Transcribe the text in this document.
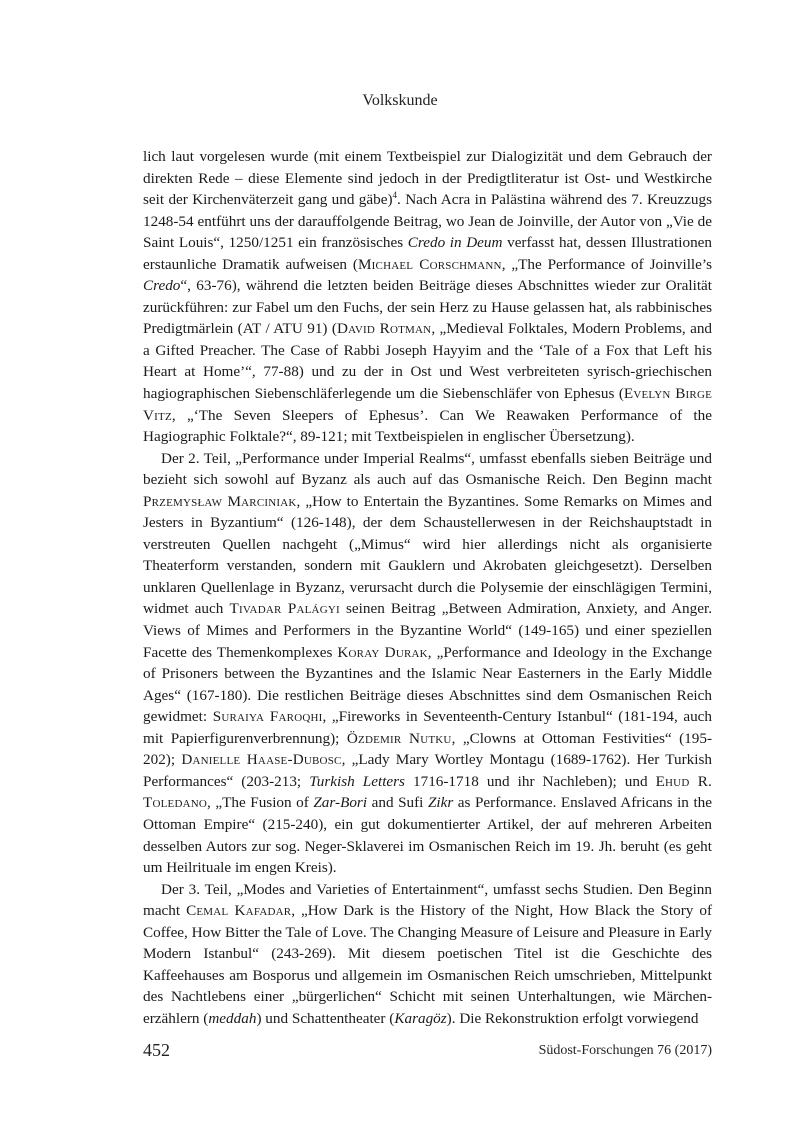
Volkskunde

lich laut vorgelesen wurde (mit einem Textbeispiel zur Dialogizität und dem Gebrauch der direkten Rede – diese Elemente sind jedoch in der Predigtliteratur ist Ost- und Westkirche seit der Kirchenväterzeit gang und gäbe)$^4$. Nach Acra in Palästina während des 7. Kreuzzugs 1248-54 entführt uns der darauffolgende Beitrag, wo Jean de Joinville, der Autor von „Vie de Saint Louis“, 1250/1251 ein französisches Credo in Deum verfasst hat, dessen Illustrationen erstaunliche Dramatik aufweisen (Michael Corschmann, „The Performance of Joinville’s Credo“, 63-76), während die letzten beiden Beiträge dieses Abschnittes wieder zur Oralität zurückführen: zur Fabel um den Fuchs, der sein Herz zu Hause gelassen hat, als rabbinisches Predigtmärlein (AT / ATU 91) (David Rotman, „Medieval Folktales, Modern Problems, and a Gifted Preacher. The Case of Rabbi Joseph Hayyim and the ‘Tale of a Fox that Left his Heart at Home’“, 77-88) und zu der in Ost und West verbreiteten syrisch-griechischen hagiographischen Siebenschläferlegende um die Siebenschläfer von Ephesus (Evelyn Birge Vitz, „‘The Seven Sleepers of Ephesus’. Can We Reawaken Performance of the Hagiographic Folktale?“, 89-121; mit Textbeispielen in englischer Übersetzung).

Der 2. Teil, „Performance under Imperial Realms“, umfasst ebenfalls sieben Beiträge und bezieht sich sowohl auf Byzanz als auch auf das Osmanische Reich. Den Beginn macht Przemysław Marciniak, „How to Entertain the Byzantines. Some Remarks on Mimes and Jesters in Byzantium“ (126-148), der dem Schaustellerwesen in der Reichshauptstadt in verstreuten Quellen nachgeht („Mimus“ wird hier allerdings nicht als organisierte Theaterform verstanden, sondern mit Gauklern und Akrobaten gleichgesetzt). Derselben unklaren Quellenlage in Byzanz, verursacht durch die Polysemie der einschlägigen Termini, widmet auch Tivadar Palágyi seinen Beitrag „Between Admiration, Anxiety, and Anger. Views of Mimes and Performers in the Byzantine World“ (149-165) und einer speziellen Facette des Themenkomplexes Koray Durak, „Performance and Ideology in the Exchange of Prisoners between the Byzantines and the Islamic Near Easterners in the Early Middle Ages“ (167-180). Die restlichen Beiträge dieses Abschnittes sind dem Osmanischen Reich gewidmet: Suraiya Faroqhi, „Fireworks in Seventeenth-Century Istanbul“ (181-194, auch mit Papierfigurenverbrennung); Özdemir Nutku, „Clowns at Ottoman Festivities“ (195-202); Danielle Haase-Dubosc, „Lady Mary Wortley Montagu (1689-1762). Her Turkish Performances“ (203-213; Turkish Letters 1716-1718 und ihr Nachleben); und Ehud R. Toledano, „The Fusion of Zar-Bori and Sufi Zikr as Performance. Enslaved Africans in the Ottoman Empire“ (215-240), ein gut dokumentierter Artikel, der auf mehreren Arbeiten desselben Autors zur sog. Neger-Sklaverei im Osmanischen Reich im 19. Jh. beruht (es geht um Heilrituale im engen Kreis).

Der 3. Teil, „Modes and Varieties of Entertainment“, umfasst sechs Studien. Den Beginn macht Cemal Kafadar, „How Dark is the History of the Night, How Black the Story of Coffee, How Bitter the Tale of Love. The Changing Measure of Leisure and Pleasure in Early Modern Istanbul“ (243-269). Mit diesem poetischen Titel ist die Geschichte des Kaffeehauses am Bosporus und allgemein im Osmanischen Reich umschrieben, Mittelpunkt des Nachtlebens einer „bürgerlichen“ Schicht mit seinen Unterhaltungen, wie Märchenerzählern (meddah) und Schattentheater (Karagöz). Die Rekonstruktion erfolgt vorwiegend

452	Südost-Forschungen 76 (2017)
